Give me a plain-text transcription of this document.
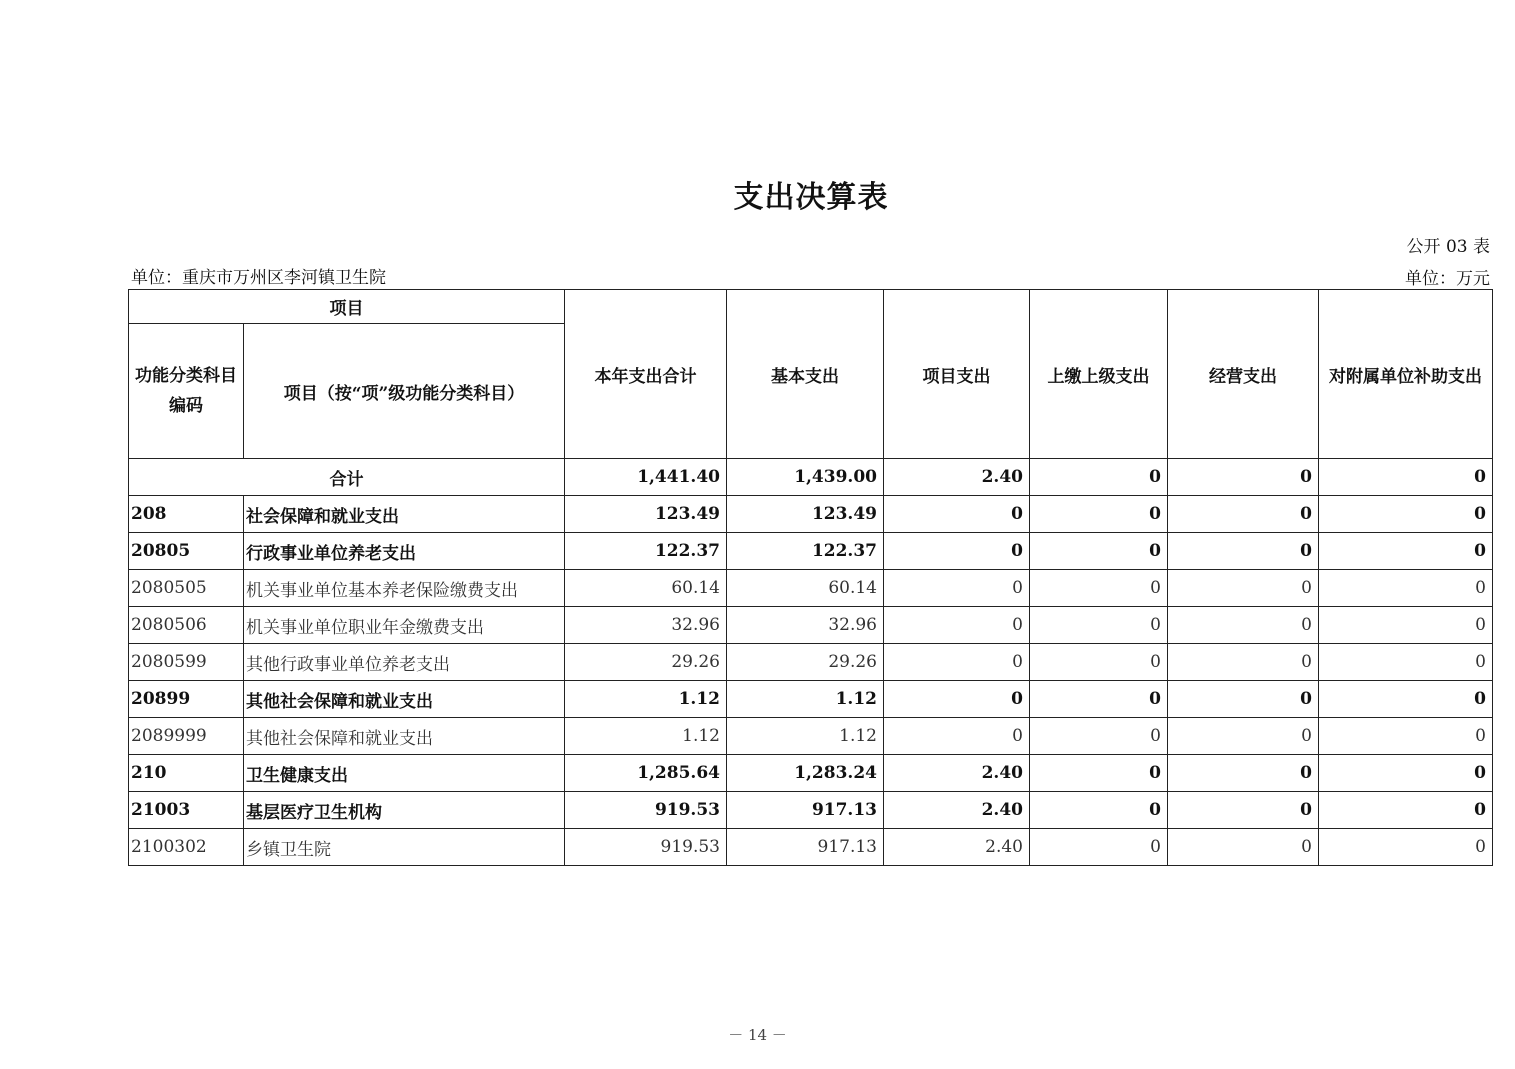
支出决算表
公开 03 表
单位：重庆市万州区李河镇卫生院	单位：万元
项目		本年支出合计	基本支出	项目支出	上缴上级支出	经营支出	对附属单位补助支出
功能分类科目编码	项目（按“项”级功能分类科目）						
合计		1,441.40	1,439.00	2.40	0	0	0
208	社会保障和就业支出	123.49	123.49	0	0	0	0
20805	行政事业单位养老支出	122.37	122.37	0	0	0	0
2080505	机关事业单位基本养老保险缴费支出	60.14	60.14	0	0	0	0
2080506	机关事业单位职业年金缴费支出	32.96	32.96	0	0	0	0
2080599	其他行政事业单位养老支出	29.26	29.26	0	0	0	0
20899	其他社会保障和就业支出	1.12	1.12	0	0	0	0
2089999	其他社会保障和就业支出	1.12	1.12	0	0	0	0
210	卫生健康支出	1,285.64	1,283.24	2.40	0	0	0
21003	基层医疗卫生机构	919.53	917.13	2.40	0	0	0
2100302	乡镇卫生院	919.53	917.13	2.40	0	0	0
－ 14 －
